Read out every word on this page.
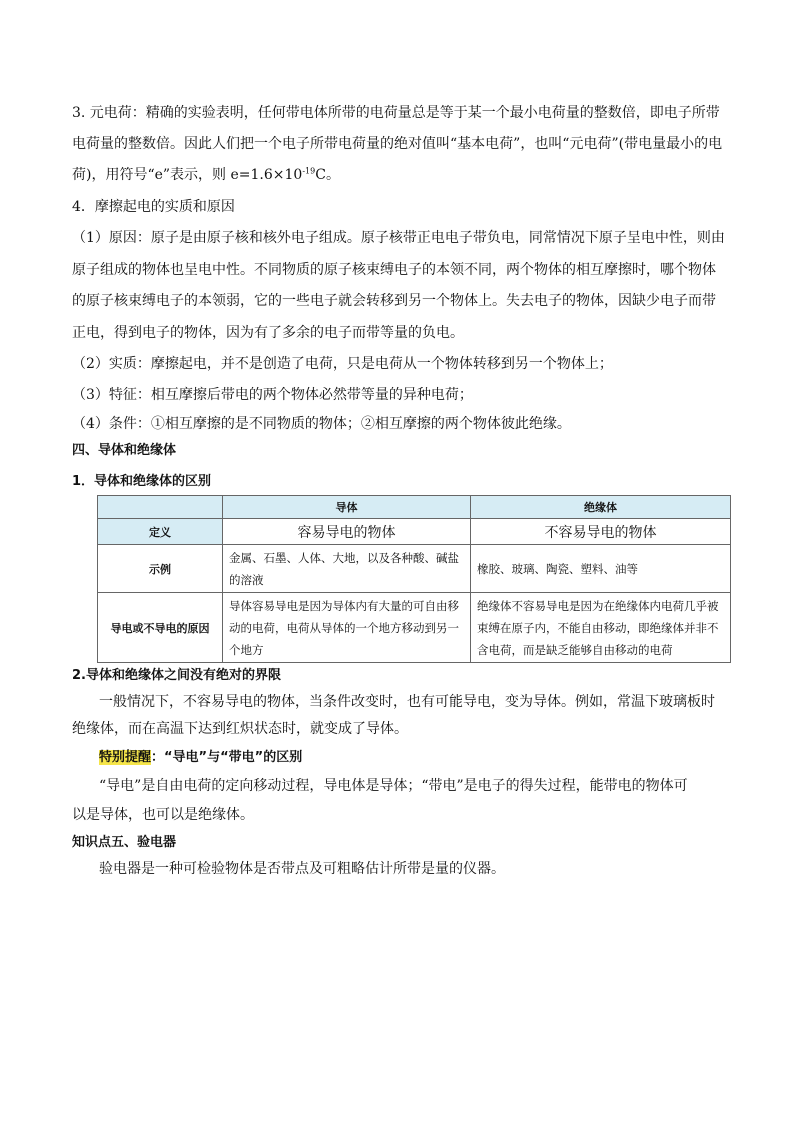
3. 元电荷：精确的实验表明，任何带电体所带的电荷量总是等于某一个最小电荷量的整数倍，即电子所带
电荷量的整数倍。因此人们把一个电子所带电荷量的绝对值叫“基本电荷”，也叫“元电荷”(带电量最小的电
荷)，用符号“e”表示，则 $e=1.6\times 10^{-19}C$。
4．摩擦起电的实质和原因
（1）原因：原子是由原子核和核外电子组成。原子核带正电电子带负电，同常情况下原子呈电中性，则由
原子组成的物体也呈电中性。不同物质的原子核束缚电子的本领不同，两个物体的相互摩擦时，哪个物体
的原子核束缚电子的本领弱，它的一些电子就会转移到另一个物体上。失去电子的物体，因缺少电子而带
正电，得到电子的物体，因为有了多余的电子而带等量的负电。
（2）实质：摩擦起电，并不是创造了电荷，只是电荷从一个物体转移到另一个物体上；
（3）特征：相互摩擦后带电的两个物体必然带等量的异种电荷；
（4）条件：①相互摩擦的是不同物质的物体；②相互摩擦的两个物体彼此绝缘。
四、导体和绝缘体
1．导体和绝缘体的区别
	导体	绝缘体
定义	容易导电的物体	不容易导电的物体
示例	金属、石墨、人体、大地，以及各种酸、碱盐的溶液	橡胶、玻璃、陶瓷、塑料、油等
导电或不导电的原因	导体容易导电是因为导体内有大量的可自由移动的电荷，电荷从导体的一个地方移动到另一个地方	绝缘体不容易导电是因为在绝缘体内电荷几乎被束缚在原子内，不能自由移动，即绝缘体并非不含电荷，而是缺乏能够自由移动的电荷
2.导体和绝缘体之间没有绝对的界限
一般情况下，不容易导电的物体，当条件改变时，也有可能导电，变为导体。例如，常温下玻璃板时
绝缘体，而在高温下达到红炽状态时，就变成了导体。
特别提醒：“导电”与“带电”的区别
“导电”是自由电荷的定向移动过程，导电体是导体；“带电”是电子的得失过程，能带电的物体可
以是导体，也可以是绝缘体。
知识点五、验电器
验电器是一种可检验物体是否带点及可粗略估计所带是量的仪器。
